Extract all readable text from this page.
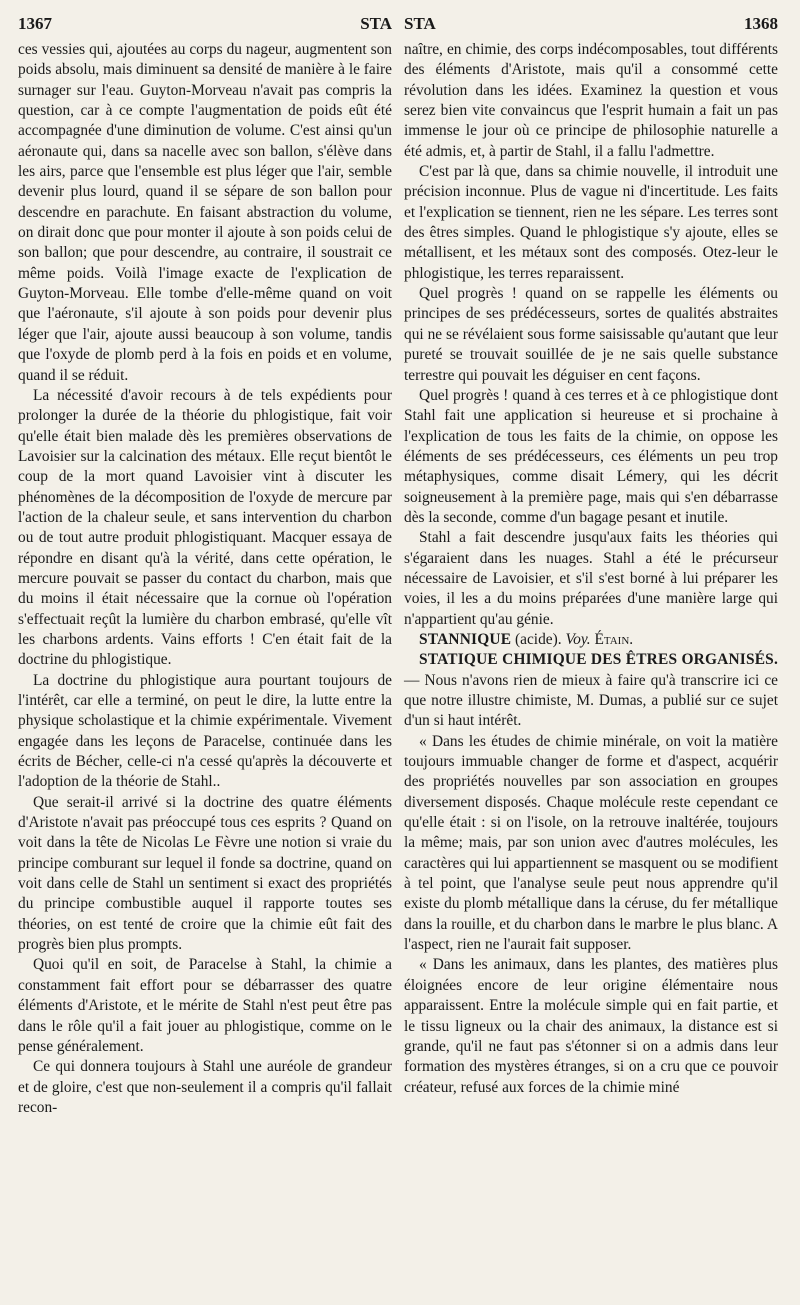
1367	STA STA	1368

ces vessies qui, ajoutées au corps du nageur, augmentent son poids absolu, mais diminuent sa densité de manière à le faire surnager sur l'eau. Guyton-Morveau n'avait pas compris la question, car à ce compte l'augmentation de poids eût été accompagnée d'une diminution de volume. C'est ainsi qu'un aéronaute qui, dans sa nacelle avec son ballon, s'élève dans les airs, parce que l'ensemble est plus léger que l'air, semble devenir plus lourd, quand il se sépare de son ballon pour descendre en parachute. En faisant abstraction du volume, on dirait donc que pour monter il ajoute à son poids celui de son ballon; que pour descendre, au contraire, il soustrait ce même poids. Voilà l'image exacte de l'explication de Guyton-Morveau. Elle tombe d'elle-même quand on voit que l'aéronaute, s'il ajoute à son poids pour devenir plus léger que l'air, ajoute aussi beaucoup à son volume, tandis que l'oxyde de plomb perd à la fois en poids et en volume, quand il se réduit.

La nécessité d'avoir recours à de tels expédients pour prolonger la durée de la théorie du phlogistique, fait voir qu'elle était bien malade dès les premières observations de Lavoisier sur la calcination des métaux. Elle reçut bientôt le coup de la mort quand Lavoisier vint à discuter les phénomènes de la décomposition de l'oxyde de mercure par l'action de la chaleur seule, et sans intervention du charbon ou de tout autre produit phlogistiquant. Macquer essaya de répondre en disant qu'à la vérité, dans cette opération, le mercure pouvait se passer du contact du charbon, mais que du moins il était nécessaire que la cornue où l'opération s'effectuait reçût la lumière du charbon embrasé, qu'elle vît les charbons ardents. Vains efforts ! C'en était fait de la doctrine du phlogistique.

La doctrine du phlogistique aura pourtant toujours de l'intérêt, car elle a terminé, on peut le dire, la lutte entre la physique scholastique et la chimie expérimentale. Vivement engagée dans les leçons de Paracelse, continuée dans les écrits de Bécher, celle-ci n'a cessé qu'après la découverte et l'adoption de la théorie de Stahl..

Que serait-il arrivé si la doctrine des quatre éléments d'Aristote n'avait pas préoccupé tous ces esprits ? Quand on voit dans la tête de Nicolas Le Fèvre une notion si vraie du principe comburant sur lequel il fonde sa doctrine, quand on voit dans celle de Stahl un sentiment si exact des propriétés du principe combustible auquel il rapporte toutes ses théories, on est tenté de croire que la chimie eût fait des progrès bien plus prompts.

Quoi qu'il en soit, de Paracelse à Stahl, la chimie a constamment fait effort pour se débarrasser des quatre éléments d'Aristote, et le mérite de Stahl n'est peut être pas dans le rôle qu'il a fait jouer au phlogistique, comme on le pense généralement.

Ce qui donnera toujours à Stahl une auréole de grandeur et de gloire, c'est que non-seulement il a compris qu'il fallait recon-

naître, en chimie, des corps indécomposables, tout différents des éléments d'Aristote, mais qu'il a consommé cette révolution dans les idées. Examinez la question et vous serez bien vite convaincus que l'esprit humain a fait un pas immense le jour où ce principe de philosophie naturelle a été admis, et, à partir de Stahl, il a fallu l'admettre.

C'est par là que, dans sa chimie nouvelle, il introduit une précision inconnue. Plus de vague ni d'incertitude. Les faits et l'explication se tiennent, rien ne les sépare. Les terres sont des êtres simples. Quand le phlogistique s'y ajoute, elles se métallisent, et les métaux sont des composés. Otez-leur le phlogistique, les terres reparaissent.

Quel progrès ! quand on se rappelle les éléments ou principes de ses prédécesseurs, sortes de qualités abstraites qui ne se révélaient sous forme saisissable qu'autant que leur pureté se trouvait souillée de je ne sais quelle substance terrestre qui pouvait les déguiser en cent façons.

Quel progrès ! quand à ces terres et à ce phlogistique dont Stahl fait une application si heureuse et si prochaine à l'explication de tous les faits de la chimie, on oppose les éléments de ses prédécesseurs, ces éléments un peu trop métaphysiques, comme disait Lémery, qui les décrit soigneusement à la première page, mais qui s'en débarrasse dès la seconde, comme d'un bagage pesant et inutile.

Stahl a fait descendre jusqu'aux faits les théories qui s'égaraient dans les nuages. Stahl a été le précurseur nécessaire de Lavoisier, et s'il s'est borné à lui préparer les voies, il les a du moins préparées d'une manière large qui n'appartient qu'au génie.

STANNIQUE (acide). Voy. Étain.

STATIQUE CHIMIQUE DES ÊTRES ORGANISÉS. — Nous n'avons rien de mieux à faire qu'à transcrire ici ce que notre illustre chimiste, M. Dumas, a publié sur ce sujet d'un si haut intérêt.

« Dans les études de chimie minérale, on voit la matière toujours immuable changer de forme et d'aspect, acquérir des propriétés nouvelles par son association en groupes diversement disposés. Chaque molécule reste cependant ce qu'elle était : si on l'isole, on la retrouve inaltérée, toujours la même; mais, par son union avec d'autres molécules, les caractères qui lui appartiennent se masquent ou se modifient à tel point, que l'analyse seule peut nous apprendre qu'il existe du plomb métallique dans la céruse, du fer métallique dans la rouille, et du charbon dans le marbre le plus blanc. A l'aspect, rien ne l'aurait fait supposer.

« Dans les animaux, dans les plantes, des matières plus éloignées encore de leur origine élémentaire nous apparaissent. Entre la molécule simple qui en fait partie, et le tissu ligneux ou la chair des animaux, la distance est si grande, qu'il ne faut pas s'étonner si on a admis dans leur formation des mystères étranges, si on a cru que ce pouvoir créateur, refusé aux forces de la chimie miné
